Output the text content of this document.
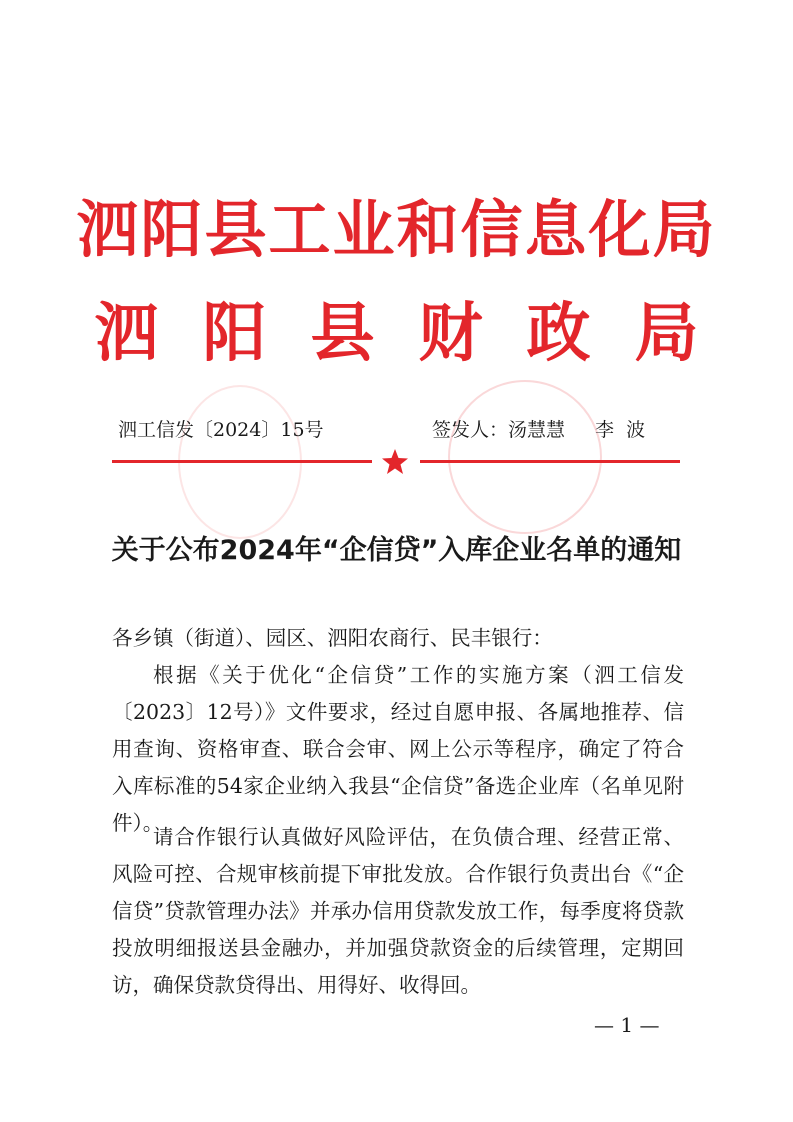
泗阳县工业和信息化局
泗阳县财政局
泗工信发〔2024〕15号	签发人：汤慧慧 李  波
关于公布2024年“企信贷”入库企业名单的通知
各乡镇（街道）、园区、泗阳农商行、民丰银行：
根据《关于优化“企信贷”工作的实施方案（泗工信发〔2023〕12号）》文件要求，经过自愿申报、各属地推荐、信用查询、资格审查、联合会审、网上公示等程序，确定了符合入库标准的54家企业纳入我县“企信贷”备选企业库（名单见附件）。
请合作银行认真做好风险评估，在负债合理、经营正常、风险可控、合规审核前提下审批发放。合作银行负责出台《“企信贷”贷款管理办法》并承办信用贷款发放工作，每季度将贷款投放明细报送县金融办，并加强贷款资金的后续管理，定期回访，确保贷款贷得出、用得好、收得回。
— 1 —
